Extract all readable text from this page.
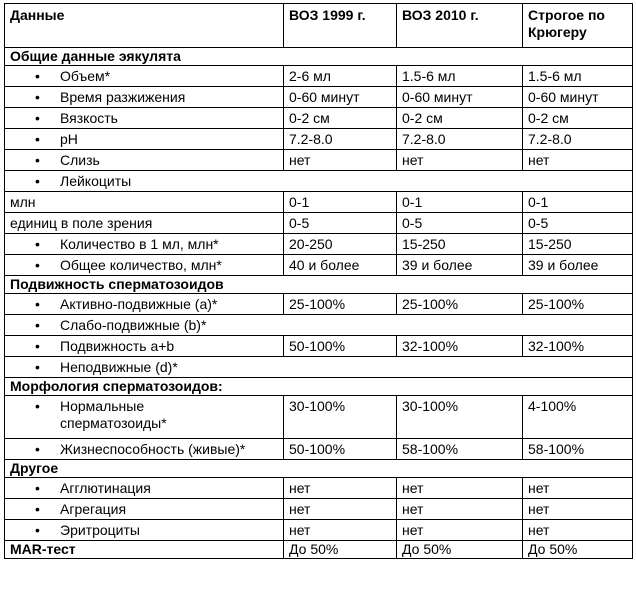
Данные	ВОЗ 1999 г.	ВОЗ 2010 г.	Строгое по
Крюгеру
Общие данные эякулята			
• Объем*	2-6 мл	1.5-6 мл	1.5-6 мл
• Время разжижения	0-60 минут	0-60 минут	0-60 минут
• Вязкость	0-2 см	0-2 см	0-2 см
• pH	7.2-8.0	7.2-8.0	7.2-8.0
• Слизь	нет	нет	нет
• Лейкоциты			
млн	0-1	0-1	0-1
единиц в поле зрения	0-5	0-5	0-5
• Количество в 1 мл, млн*	20-250	15-250	15-250
• Общее количество, млн*	40 и более	39 и более	39 и более
Подвижность сперматозоидов			
• Активно-подвижные (a)*	25-100%	25-100%	25-100%
• Слабо-подвижные (b)*			
• Подвижность a+b	50-100%	32-100%	32-100%
• Неподвижные (d)*			
Морфология сперматозоидов:			
• Нормальные
сперматозоиды*	30-100%	30-100%	4-100%
• Жизнеспособность (живые)*	50-100%	58-100%	58-100%
Другое			
• Агглютинация	нет	нет	нет
• Агрегация	нет	нет	нет
• Эритроциты	нет	нет	нет
MAR-тест	До 50%	До 50%	До 50%
